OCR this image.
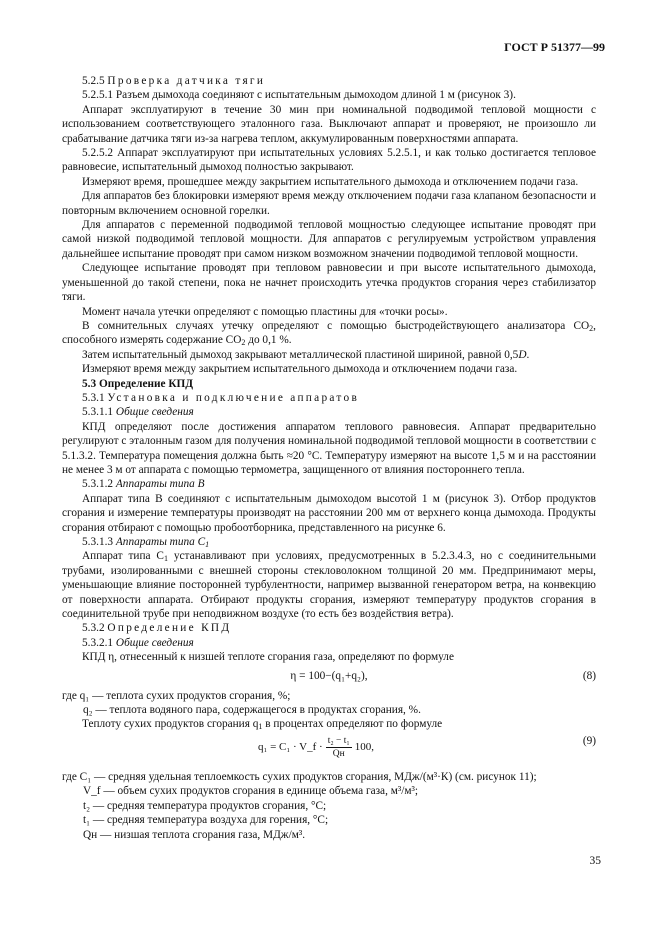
ГОСТ Р 51377—99

5.2.5 Проверка датчика тяги

5.2.5.1 Разъем дымохода соединяют с испытательным дымоходом длиной 1 м (рисунок 3).

Аппарат эксплуатируют в течение 30 мин при номинальной подводимой тепловой мощности с использованием соответствующего эталонного газа. Выключают аппарат и проверяют, не произошло ли срабатывание датчика тяги из-за нагрева теплом, аккумулированным поверхностями аппарата.

5.2.5.2 Аппарат эксплуатируют при испытательных условиях 5.2.5.1, и как только достигается тепловое равновесие, испытательный дымоход полностью закрывают.

Измеряют время, прошедшее между закрытием испытательного дымохода и отключением подачи газа.

Для аппаратов без блокировки измеряют время между отключением подачи газа клапаном безопасности и повторным включением основной горелки.

Для аппаратов с переменной подводимой тепловой мощностью следующее испытание проводят при самой низкой подводимой тепловой мощности. Для аппаратов с регулируемым устройством управления дальнейшее испытание проводят при самом низком возможном значении подводимой тепловой мощности.

Следующее испытание проводят при тепловом равновесии и при высоте испытательного дымохода, уменьшенной до такой степени, пока не начнет происходить утечка продуктов сгорания через стабилизатор тяги.

Момент начала утечки определяют с помощью пластины для «точки росы».

В сомнительных случаях утечку определяют с помощью быстродействующего анализатора $CO_2$, способного измерять содержание $CO_2$ до 0,1 %.

Затем испытательный дымоход закрывают металлической пластиной шириной, равной 0,5D.

Измеряют время между закрытием испытательного дымохода и отключением подачи газа.

5.3 Определение КПД

5.3.1 Установка и подключение аппаратов

5.3.1.1 Общие сведения

КПД определяют после достижения аппаратом теплового равновесия. Аппарат предварительно регулируют с эталонным газом для получения номинальной подводимой тепловой мощности в соответствии с 5.1.3.2. Температура помещения должна быть ≈20 °С. Температуру измеряют на высоте 1,5 м и на расстоянии не менее 3 м от аппарата с помощью термометра, защищенного от влияния постороннего тепла.

5.3.1.2 Аппараты типа B

Аппарат типа В соединяют с испытательным дымоходом высотой 1 м (рисунок 3). Отбор продуктов сгорания и измерение температуры производят на расстоянии 200 мм от верхнего конца дымохода. Продукты сгорания отбирают с помощью пробоотборника, представленного на рисунке 6.

5.3.1.3 Аппараты типа $C_1$

Аппарат типа $C_1$ устанавливают при условиях, предусмотренных в 5.2.3.4.3, но с соединительными трубами, изолированными с внешней стороны стекловолокном толщиной 20 мм. Предпринимают меры, уменьшающие влияние посторонней турбулентности, например вызванной генератором ветра, на конвекцию от поверхности аппарата. Отбирают продукты сгорания, измеряют температуру продуктов сгорания в соединительной трубе при неподвижном воздухе (то есть без воздействия ветра).

5.3.2 Определение КПД

5.3.2.1 Общие сведения

КПД η, отнесенный к низшей теплоте сгорания газа, определяют по формуле

η = 100−(q₁+q₂),	(8)

где q₁ — теплота сухих продуктов сгорания, %;

q₂ — теплота водяного пара, содержащегося в продуктах сгорания, %.

Теплоту сухих продуктов сгорания $q_1$ в процентах определяют по формуле

q₁ = C₁ · V_f · $\frac{\text{t₂ − t₁}}{Qн} 100$,
(9)

где C₁ — средняя удельная теплоемкость сухих продуктов сгорания, МДж/(м³·К) (см. рисунок 11);

V_f — объем сухих продуктов сгорания в единице объема газа, м³/м³;

t₂ — средняя температура продуктов сгорания, °С;

t₁ — средняя температура воздуха для горения, °С;

Qн — низшая теплота сгорания газа, МДж/м³.

35
